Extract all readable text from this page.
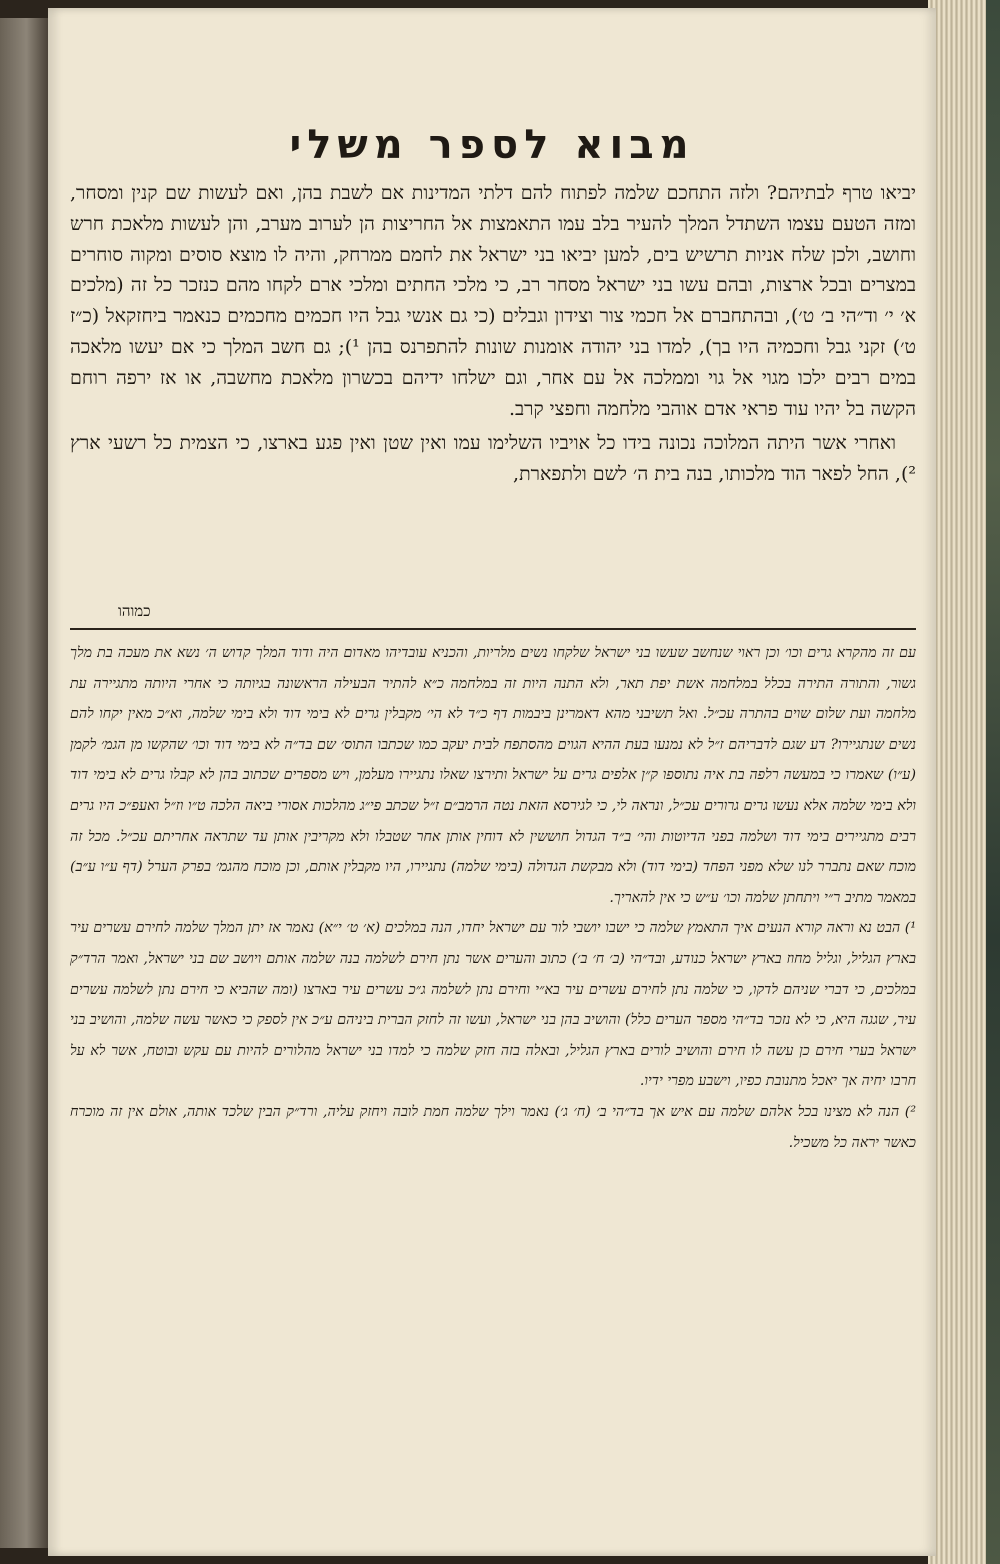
מבוא לספר משלי

יביאו טרף לבתיהם? ולזה התחכם שלמה לפתוח להם דלתי המדינות אם לשבת בהן, ואם לעשות שם קנין ומסחר, ומזה הטעם עצמו השתדל המלך להעיר בלב עמו התאמצות אל החריצות הן לערוב מערב, והן לעשות מלאכת חרש וחושב, ולכן שלח אניות תרשיש בים, למען יביאו בני ישראל את לחמם ממרחק, והיה לו מוצא סוסים ומקוה סוחרים במצרים ובכל ארצות, ובהם עשו בני ישראל מסחר רב, כי מלכי החתים ומלכי ארם לקחו מהם כנזכר כל זה (מלכים א׳ י׳ וד״הי ב׳ ט׳), ובהתחברם אל חכמי צור וצידון וגבלים (כי גם אנשי גבל היו חכמים מחכמים כנאמר ביחזקאל (כ״ז ט׳) זקני גבל וחכמיה היו בך), למדו בני יהודה אומנות שונות להתפרנס בהן ¹); גם חשב המלך כי אם יעשו מלאכה במים רבים ילכו מגוי אל גוי וממלכה אל עם אחר, וגם ישלחו ידיהם בכשרון מלאכת מחשבה, או אז ירפה רוחם הקשה בל יהיו עוד פראי אדם אוהבי מלחמה וחפצי קרב.

ואחרי אשר היתה המלוכה נכונה בידו כל אויביו השלימו עמו ואין שטן ואין פגע בארצו, כי הצמית כל רשעי ארץ ²), החל לפאר הוד מלכותו, בנה בית ה׳ לשם ולתפארת,

כמוהו

עם זה מהקרא גרים וכו׳ וכן ראוי שנחשב שעשו בני ישראל שלקחו נשים מלריות, והכניא עובדיהו מאדום היה ודוד המלך קדוש ה׳ נשא את מעכה בת מלך גשור, והתורה התירה בכלל במלחמה אשת יפת תאר, ולא התנה היות זה במלחמה כ״א להתיר הבעילה הראשונה בגיותה כי אחרי היותה מתגיירה עת מלחמה ועת שלום שוים בהתרה עכ״ל. ואל תשיבני מהא דאמרינן ביבמות דף כ״ד לא הי׳ מקבלין גרים לא בימי דוד ולא בימי שלמה, וא״כ מאין יקחו להם נשים שנתגיירו? דע שגם לדבריהם ז״ל לא נמנעו בעת ההיא הגוים מהסתפח לבית יעקב כמו שכתבו התוס׳ שם בד״ה לא בימי דוד וכו׳ שהקשו מן הגמ׳ לקמן (ע״ו) שאמרו כי במעשה רלפה בת איה נתוספו ק״ן אלפים גרים על ישראל ותירצו שאלו נתגיירו מעלמן, ויש מספרים שכתוב בהן לא קבלו גרים לא בימי דוד ולא בימי שלמה אלא נעשו גרים גרורים עכ״ל, ונראה לי, כי לגירסא הזאת נטה הרמב״ם ז״ל שכתב פי״ג מהלכות אסורי ביאה הלכה ט״ו וז״ל ואעפ״כ היו גרים רבים מתגיירים בימי דוד ושלמה בפני הדיוטות והי׳ ב״ד הגדול חוששין לא דוחין אותן אחר שטבלו ולא מקריבין אותן עד שתראה אחריתם עכ״ל. מכל זה מוכח שאם נתברר לנו שלא מפני הפחד (בימי דוד) ולא מבקשת הגדולה (בימי שלמה) נתגיירו, היו מקבלין אותם, וכן מוכח מהגמ׳ בפרק הערל (דף ע״ו ע״ב) במאמר מתיב ר״י ויתחתן שלמה וכו׳ ע״ש כי אין להאריך.

¹) הבט נא וראה קורא הנעים איך התאמץ שלמה כי ישבו יושבי לור עם ישראל יחדו, הנה במלכים (א׳ ט׳ י״א) נאמר אז יתן המלך שלמה לחירם עשרים עיר בארץ הגליל, וגליל מחוז בארץ ישראל כנודע, ובד״הי (ב׳ ח׳ ב׳) כתוב והערים אשר נתן חירם לשלמה בנה שלמה אותם ויושב שם בני ישראל, ואמר הרד״ק במלכים, כי דברי שניהם לדקו, כי שלמה נתן לחירם עשרים עיר בא״י וחירם נתן לשלמה ג״כ עשרים עיר בארצו (ומה שהביא כי חירם נתן לשלמה עשרים עיר, שגגה היא, כי לא נזכר בד״הי מספר הערים כלל) והושיב בהן בני ישראל, ועשו זה לחזק הברית ביניהם ע״כ אין לספק כי כאשר עשה שלמה, והושיב בני ישראל בערי חירם כן עשה לו חירם והושיב לורים בארץ הגליל, ובאלה בזה חזק שלמה כי למדו בני ישראל מהלורים להיות עם עקש ובוטח, אשר לא על חרבו יחיה אך יאכל מתנובת כפיו, וישבע מפרי ידיו.

²) הנה לא מצינו בכל אלהם שלמה עם איש אך בד״הי ב׳ (ח׳ ג׳) נאמר וילך שלמה חמת לובה ויחזק עליה, ורד״ק הבין שלכד אותה, אולם אין זה מוכרח כאשר יראה כל משכיל.
